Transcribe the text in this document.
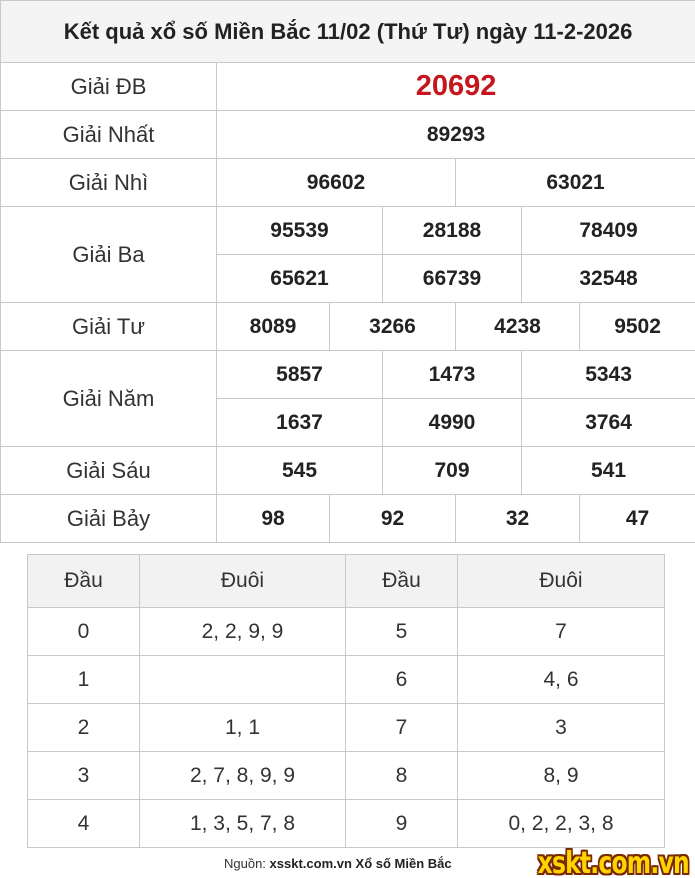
Kết quả xổ số Miền Bắc 11/02 (Thứ Tư) ngày 11-2-2026						
Giải ĐB	20692					
Giải Nhất	89293					
Giải Nhì	96602			63021		
Giải Ba	95539		28188		78409	
	65621		66739		32548	
Giải Tư	8089	3266		4238		9502
Giải Năm	5857		1473		5343	
	1637		4990		3764	
Giải Sáu	545		709		541	
Giải Bảy	98	92		32		47
Đầu	Đuôi	Đầu	Đuôi
0	2, 2, 9, 9	5	7
1		6	4, 6
2	1, 1	7	3
3	2, 7, 8, 9, 9	8	8, 9
4	1, 3, 5, 7, 8	9	0, 2, 2, 3, 8
Nguồn: xsskt.com.vn Xổ số Miền Bắc	xskt.com.vn
